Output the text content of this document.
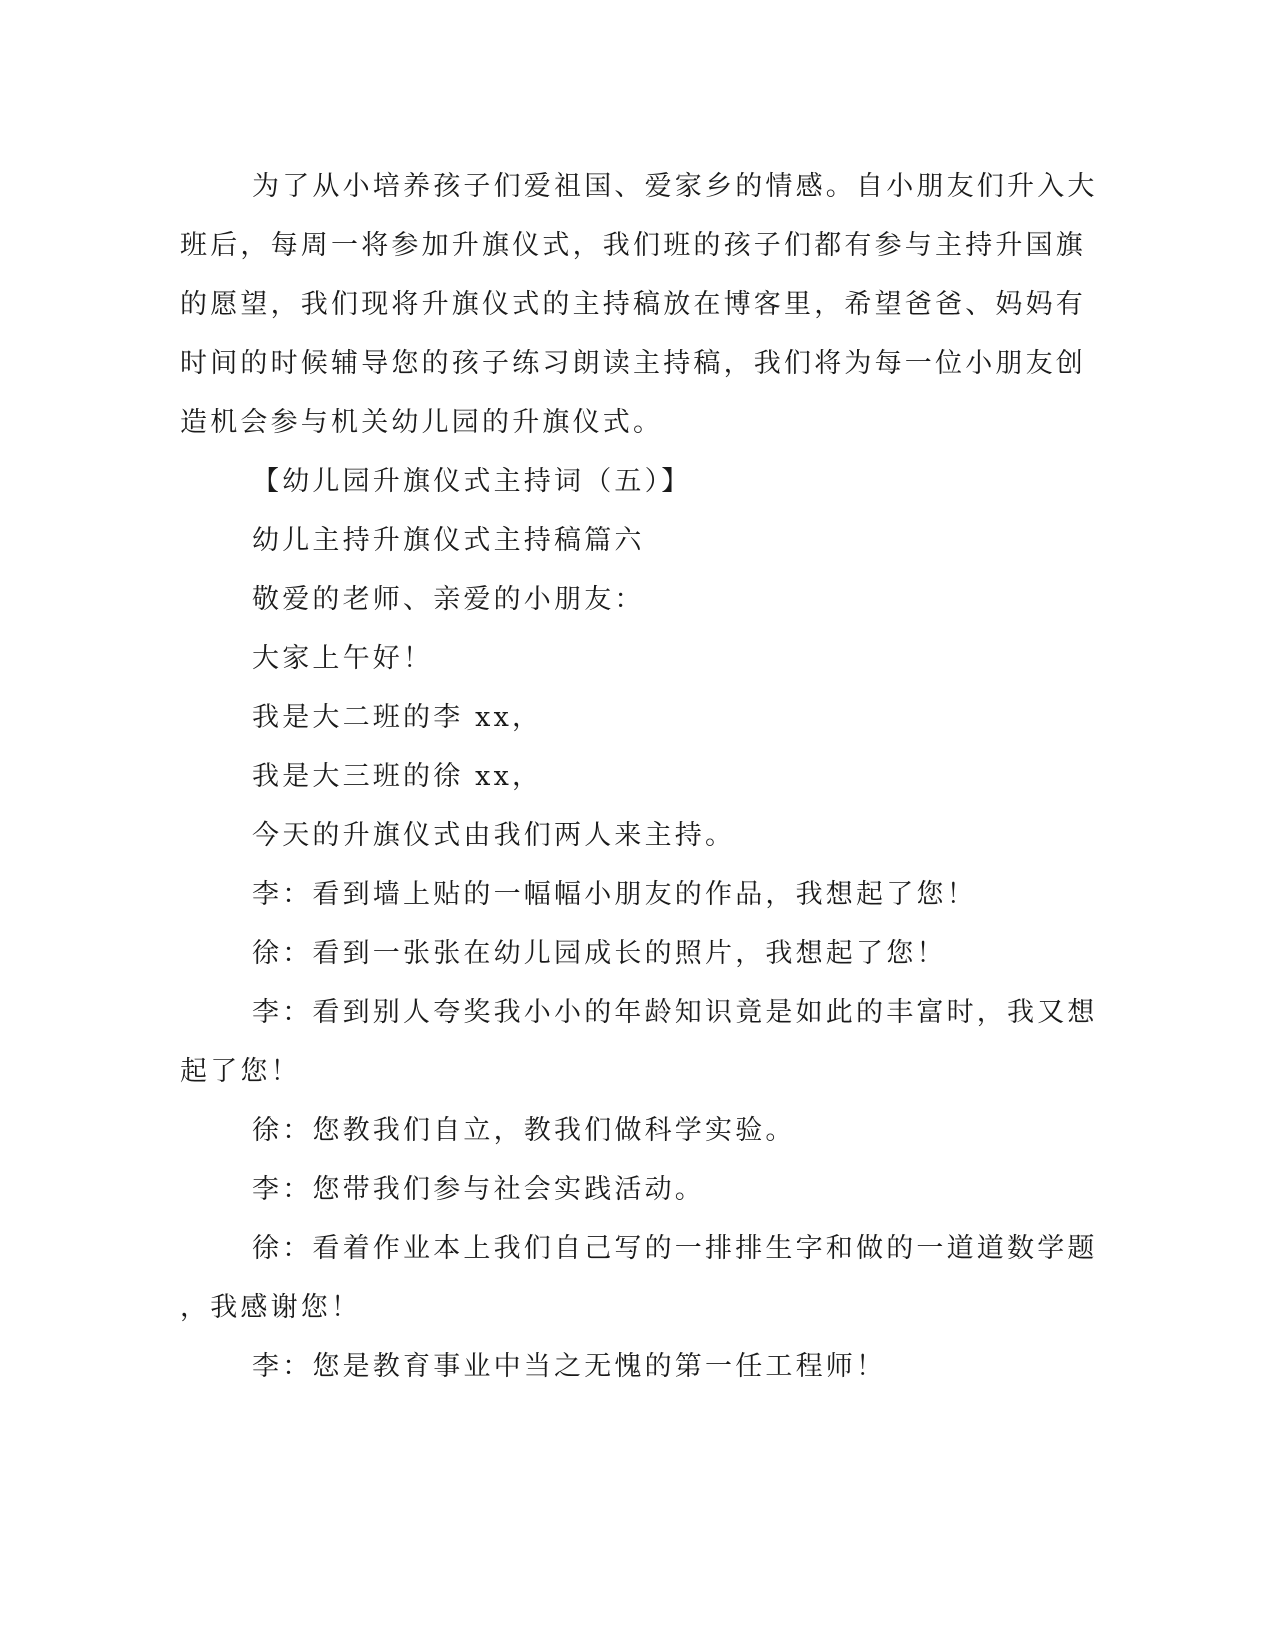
为了从小培养孩子们爱祖国、爱家乡的情感。自小朋友们升入大

班后，每周一将参加升旗仪式，我们班的孩子们都有参与主持升国旗

的愿望，我们现将升旗仪式的主持稿放在博客里，希望爸爸、妈妈有

时间的时候辅导您的孩子练习朗读主持稿，我们将为每一位小朋友创

造机会参与机关幼儿园的升旗仪式。

【幼儿园升旗仪式主持词（五）】

幼儿主持升旗仪式主持稿篇六

敬爱的老师、亲爱的小朋友：

大家上午好！

我是大二班的李 xx，

我是大三班的徐 xx，

今天的升旗仪式由我们两人来主持。

李：看到墙上贴的一幅幅小朋友的作品，我想起了您！

徐：看到一张张在幼儿园成长的照片，我想起了您！

李：看到别人夸奖我小小的年龄知识竟是如此的丰富时，我又想

起了您！

徐：您教我们自立，教我们做科学实验。

李：您带我们参与社会实践活动。

徐：看着作业本上我们自己写的一排排生字和做的一道道数学题

，我感谢您！

李：您是教育事业中当之无愧的第一任工程师！
